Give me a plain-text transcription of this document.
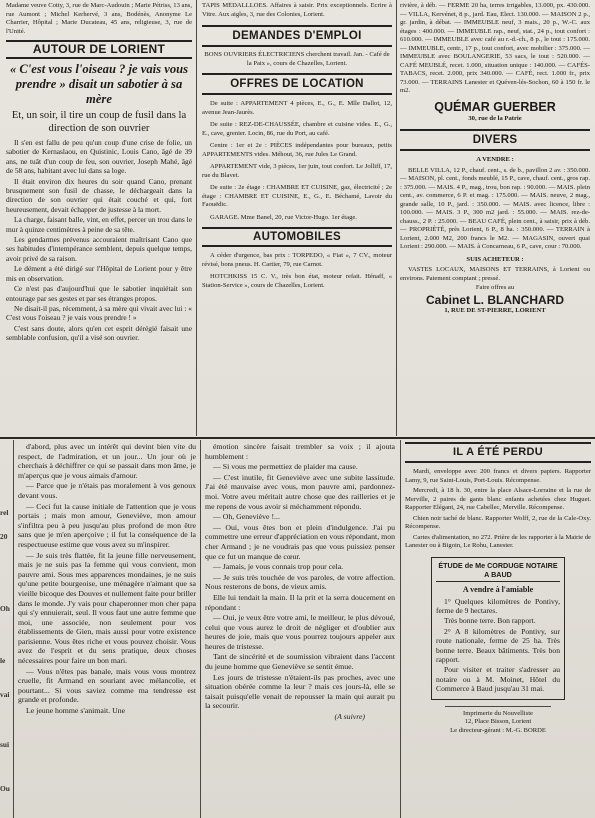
Madame veuve Cotty, 3, rue de Marc-Audouin ; Marie Pétriss, 13 ans, rue Aumont ; Michel Kerhervé, 3 ans, Bodénès, Anonyme Le Charrier, Hôpital ; Marie Ducateau, 45 ans, religieuse, 3, rue de l'Unité.
AUTOUR DE LORIENT
« C'est vous l'oiseau ? je vais vous prendre » disait un sabotier à sa mère
Et, un soir, il tire un coup de fusil dans la direction de son ouvrier
Il s'en est fallu de peu qu'un coup d'une crise de folie, un sabotier de Kernaslaou, en Quistinic, Louis Cano, âgé de 39 ans, ne tuât d'un coup de feu, son ouvrier, Joseph Mahé, âgé de 58 ans, habitant avec lui dans sa loge.
Il était environ dix heures du soir quand Cano, prenant brusquement son fusil de chasse, le déchargeait dans la direction de son ouvrier qui était couché et qui, fort heureusement, devait échapper de justesse à la mort.
La charge, faisant balle, vint, en effet, percer un trou dans le mur à quinze centimètres à peine de sa tête.
Les gendarmes prévenus accouraient maîtrisant Cano que ses habitudes d'intempérance semblent, depuis quelque temps, avoir privé de sa raison.
Le dément a été dirigé sur l'Hôpital de Lorient pour y être mis en observation.
Ce n'est pas d'aujourd'hui que le sabotier inquiétait son entourage par ses gestes et par ses étranges propos.
Ne disait-il pas, récemment, à sa mère qui vivait avec lui : « C'est vous l'oiseau ? je vais vous prendre ! »
C'est sans doute, alors qu'en cet esprit dérégié faisait une semblable confusion, qu'il a visé son ouvrier.
TAPIS MÉDALLLOES. Affaires à saisir. Prix exceptionnels. Ecrire à Vitre. Aux aigles, 3, rue des Colonies, Lorient.
DEMANDES D'EMPLOI
BONS OUVRIERS ÉLECTRICIENS cherchent travail. Jan. - Café de la Paix », cours de Chazelles, Lorient.
OFFRES DE LOCATION
De suite : APPARTEMENT 4 pièces, E., G., E. Mlle Dallot, 12, avenue Jean-Jaurès.
De suite : REZ-DE-CHAUSSÉE, chambre et cuisine vides. E., G., E., cave, grenier. Locin, 86, rue du Port, au café.
Centre : 1er et 2e : PIÈCES indépendantes pour bureaux, petits APPARTEMENTS vides. Méhout, 36, rue Jules Le Grand.
APPARTEMENT vide, 3 pièces, 1er juin, tout confort. Le Jolliff, 17, rue du Blavet.
De suite : 2e étage : CHAMBRE ET CUISINE, gaz, électricité ; 2e étage : CHAMBRE ET CUISINE, E., G., E. Béchamé, Lavoir du Faouëdic.
GARAGE. Mme Banel, 20, rue Victor-Hugo. 1er étage.
AUTOMOBILES
A céder d'urgence, bas prix : TORPEDO, « Fiat », 7 CV., moteur révisé, bons pneus. H. Cartier, 79, rue Carnot.
HOTCHKISS 15 C. V., très bon état, moteur refait. Hénaff, « Station-Service », cours de Chazelles, Lorient.
rivière, à déb. — FERME 20 ha, terres irrigables, 13.000, px. 430.000. — VILLA, Kervénet, 8 p., jard. Eau, Elect. 130.000. — MAISON 2 p., gr. jardin, à débat. — IMMEUBLE neuf, 3 mais., 20 p., W.-C. aux étages : 400.000. — IMMEUBLE rap., neuf, stat., 24 p., tout confort : 610.000. — IMMEUBLE avec café au r.-d.-ch., 8 p., le tout : 175.000. — IMMEUBLE, centr., 17 p., tout confort, avec mobilier : 375.000. — IMMEUBLE avec BOULANGERIE, 53 sacs, le tout : 520.000. — CAFÉ MEUBLÉ, recet. 1.000, situation unique : 140.000. — CAFÉS-TABACS, recet. 2.000, prix 340.000. — CAFÉ, rect. 1.000 fr., prix 73.000. — TERRAINS Lanester et Quéven-lés-Sochon, 60 à 150 fr. le m2.
QUÉMAR GUERBER
30, rue de la Patrie
DIVERS
A VENDRE :
BELLE VILLA, 12 P., chauf. cent., s. de b., pavillon 2 av. : 350.000. — MAISON, pl. cent., fonds meublé, 15 P., cave, chauf. cent., gros rap. : 375.000. — MAIS. 4 P., mag., trou, bon rap. : 90.000. — MAIS. plein cent., av. commerce, 6 P. et mag. : 175.000. — MAIS. neuve, 2 mag., grande salle, 10 P., jard. : 350.000. — MAIS. avec licence, libre : 100.000. — MAIS. 3 P., 300 m2 jard. : 55.000. — MAIS. rez-de-chauss., 2 P. : 25.000. — BEAU CAFÉ, plein cent., à saisir, prix à déb. — PROPRIÉTÉ, près Lorient, 6 P., 8 ha. : 350.000. — TERRAIN à Lorient, 2.000 M2, 200 francs le M2. — MAGASIN, ouvert quai Lorient : 290.000. — MAIS. à Concarneau, 6 P., cave, cour : 70.000.
SUIS ACHETEUR :
VASTES LOCAUX, MAISONS ET TERRAINS, à Lorient ou environs. Paiement comptant ; pressé.
Faire offres au
Cabinet L. BLANCHARD
1, RUE DE ST-PIERRE, LORIENT
rel
20
Oh
le
vai
sui
Ou
d'abord, plus avec un intérêt qui devint bien vite du respect, de l'admiration, et un jour... Un jour où je cherchais à déchiffrer ce qui se passait dans mon âme, je m'aperçus que je vous aimais d'amour.
— Parce que je n'étais pas moralement à vos genoux devant vous.
— Ceci fut la cause initiale de l'attention que je vous portais ; mais mon amour, Geneviève, mon amour s'infiltra peu à peu jusqu'au plus profond de mon être sans que je m'en aperçoive ; il fut la conséquence de la respectueuse estime que vous avez su m'inspirer.
— Je suis très flattée, fit la jeune fille nerveusement, mais je ne suis pas la femme qui vous convient, mon pauvre ami. Sous mes apparences mondaines, je ne suis qu'une petite bourgeoise, une ménagère n'aimant que sa vieille bicoque des Douves et nullement faite pour briller dans le monde. J'y vais pour chaperonner mon cher papa qui s'y ennuierait, seul. Il vous faut une autre femme que moi, une associée, non seulement pour vos établissements de Gien, mais aussi pour votre existence parisienne. Vous êtes riche et vous pouvez choisir. Vous avez de l'esprit et du sens pratique, deux choses nécessaires pour faire un bon mari.
— Vous n'êtes pas banale, mais vous vous montrez cruelle, fit Armand en souriant avec mélancolie, et pourtant... Si vous saviez comme ma tendresse est grande et profonde.
Le jeune homme s'animait. Une
émotion sincère faisait trembler sa voix ; il ajouta humblement :
— Si vous me permettiez de plaider ma cause.
— C'est inutile, fit Geneviève avec une subite lassitude. J'ai été mauvaise avec vous, mon pauvre ami, pardonnez-moi. Votre aveu méritait autre chose que des railleries et je me repens de vous avoir si méchamment répondu.
— Oh, Geneviève !...
— Oui, vous êtes bon et plein d'indulgence. J'ai pu commettre une erreur d'appréciation en vous répondant, mon cher Armand ; je ne voudrais pas que vous puissiez penser que ce fut un manque de cœur.
— Jamais, je vous connais trop pour cela.
— Je suis très touchée de vos paroles, de votre affection. Nous resterons de bons, de vieux amis.
Elle lui tendait la main. Il la prit et la serra doucement en répondant :
— Oui, je veux être votre ami, le meilleur, le plus dévoué, celui que vous aurez le droit de négliger et d'oublier aux heures de joie, mais que vous pourrez toujours appeler aux heures de tristesse.
Tant de sincérité et de soumission vibraient dans l'accent du jeune homme que Geneviève se sentit émue.
Les jours de tristesse n'étaient-ils pas proches, avec une situation obérée comme la leur ? mais ces jours-là, elle se taisait puisqu'elle venait de repousser la main qui aurait pu la secourir.
(A suivre)
IL A ÉTÉ PERDU
Mardi, enveloppe avec 200 francs et divers papiers. Rapporter Lamy, 9, rue Saint-Louis, Port-Louis. Récompense.
Mercredi, à 18 h. 30, entre la place Alsace-Lorraine et la rue de Merville, 2 paires de gants blanc enfants achetées chez Huguet. Rapporter Elégant, 24, rue Cabellec, Merville. Récompense.
Chien noir taché de blanc. Rapporter Wolff, 2, rue de la Cale-Oxy. Récompense.
Cartes d'alimentation, no 272. Prière de les rapporter à la Mairie de Lanester ou à Bigoin, Le Rohu, Lanester.
ÉTUDE de Me CORDUGE NOTAIRE A BAUD
A vendre à l'amiable
1° Quelques kilomètres de Pontivy, ferme de 9 hectares.
Très bonne terre. Bon rapport.
2° A 8 kilomètres de Pontivy, sur route nationale, ferme de 25 ha. Très bonne terre. Beaux bâtiments. Très bon rapport.
Pour visiter et traiter s'adresser au notaire ou à M. Moinet, Hôtel du Commerce à Baud jusqu'au 31 mai.
Imprimerie du Nouvelliste
12, Place Bisson, Lorient
Le directeur-gérant : M.-G. BORDE
